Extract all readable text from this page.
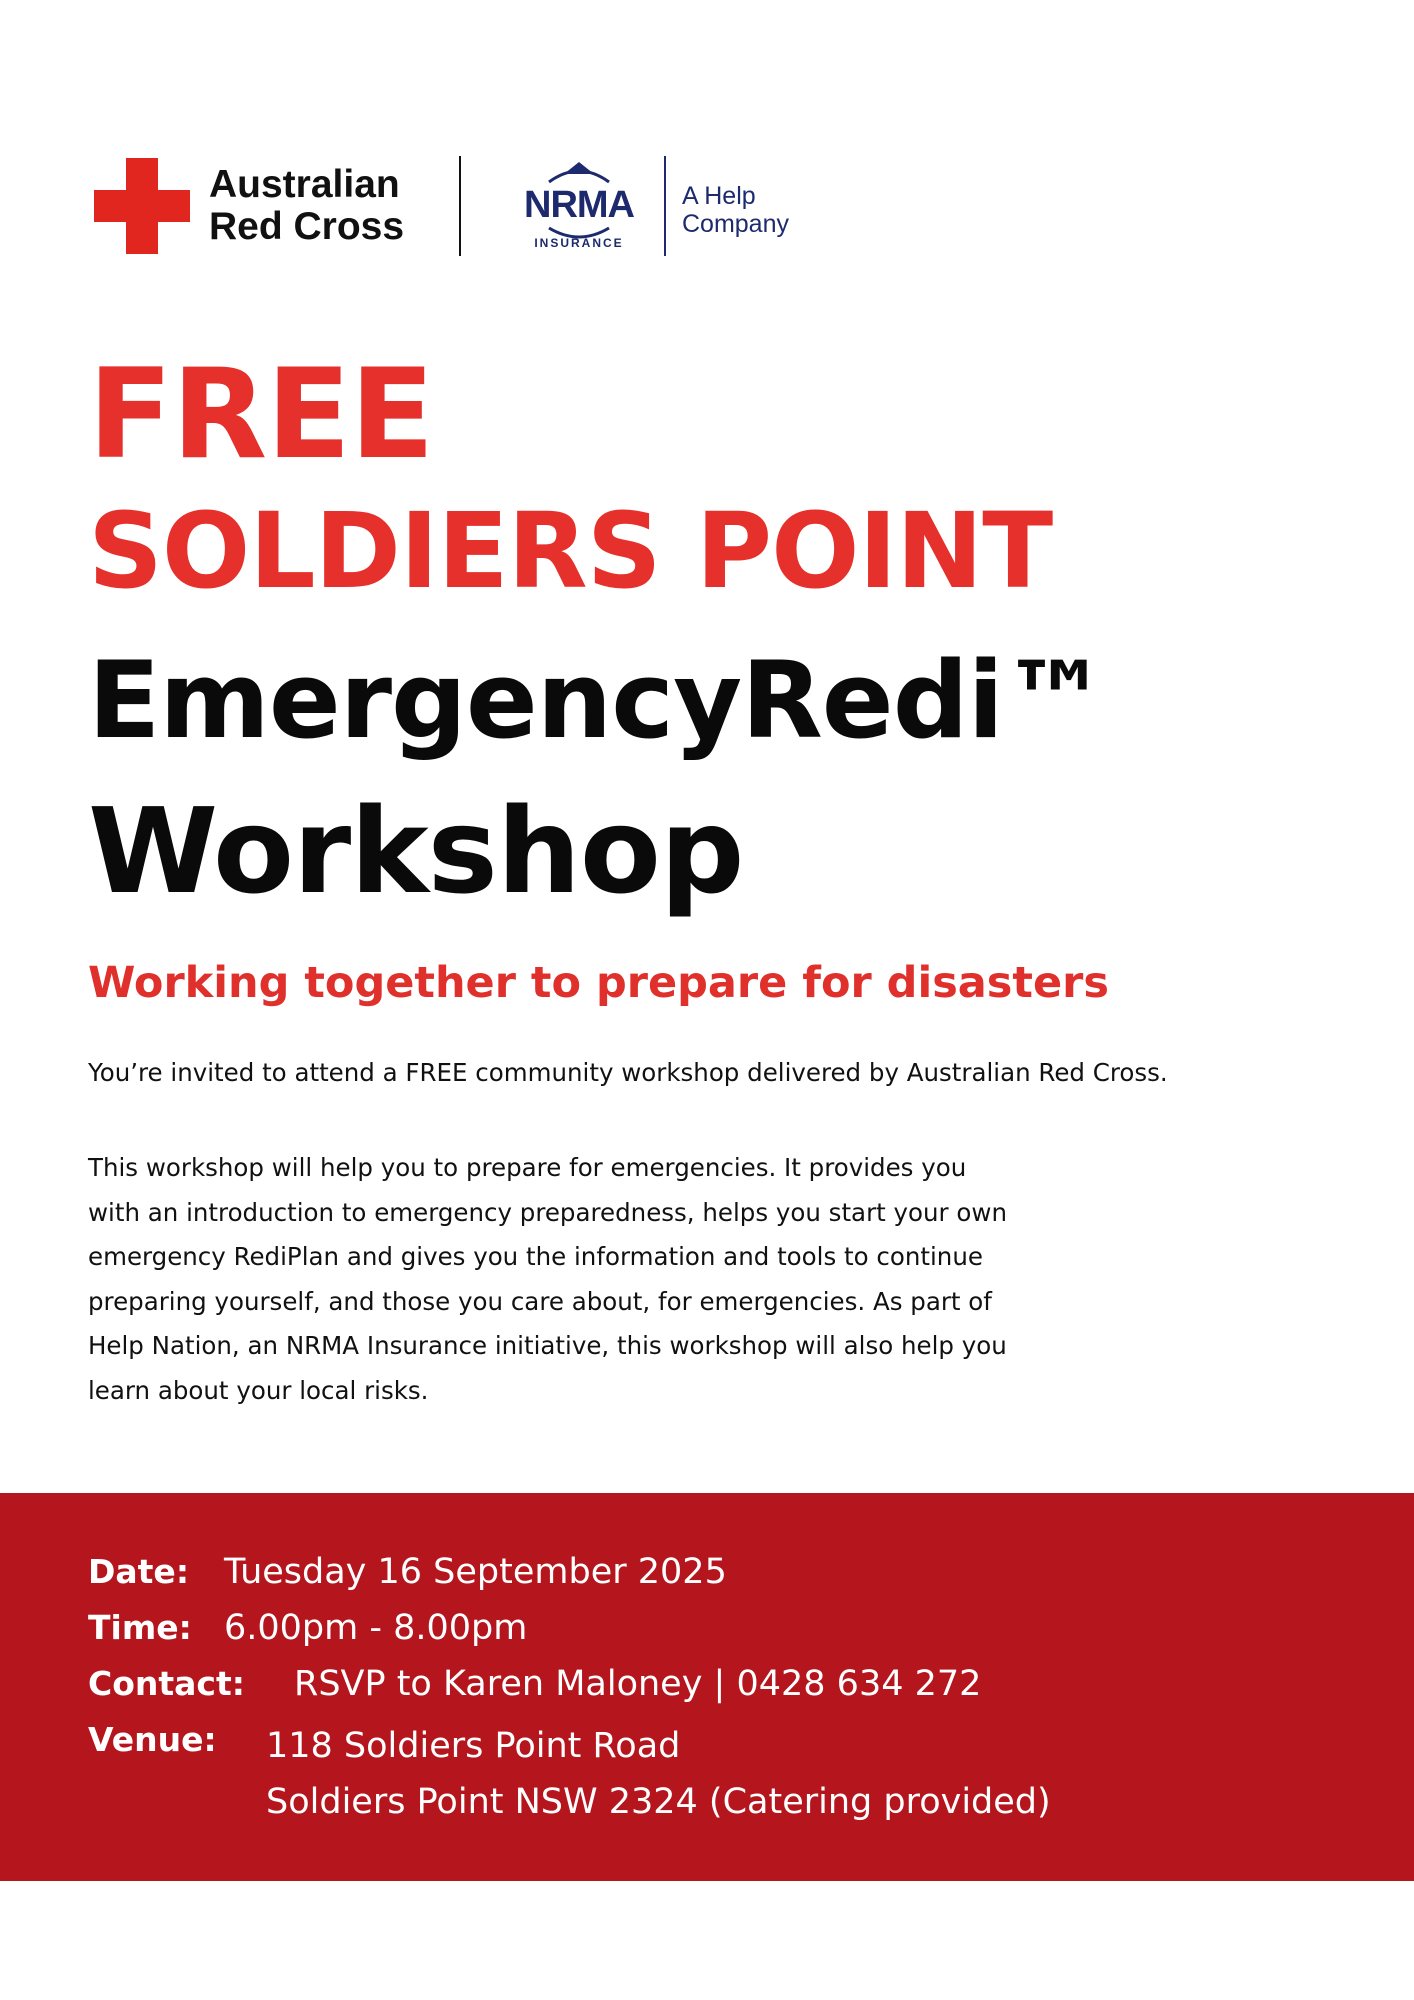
Australian
Red Cross	NRMA
INSURANCE
A Help
Company
FREE
SOLDIERS POINT
EmergencyRedi™
Workshop
Working together to prepare for disasters
You’re invited to attend a FREE community workshop delivered by Australian Red Cross.
This workshop will help you to prepare for emergencies. It provides you
with an introduction to emergency preparedness, helps you start your own
emergency RediPlan and gives you the information and tools to continue
preparing yourself, and those you care about, for emergencies. As part of
Help Nation, an NRMA Insurance initiative, this workshop will also help you
learn about your local risks.
Date: Tuesday 16 September 2025
Time: 6.00pm - 8.00pm
Contact: RSVP to Karen Maloney | 0428 634 272
Venue: 118 Soldiers Point Road
Soldiers Point NSW 2324 (Catering provided)
